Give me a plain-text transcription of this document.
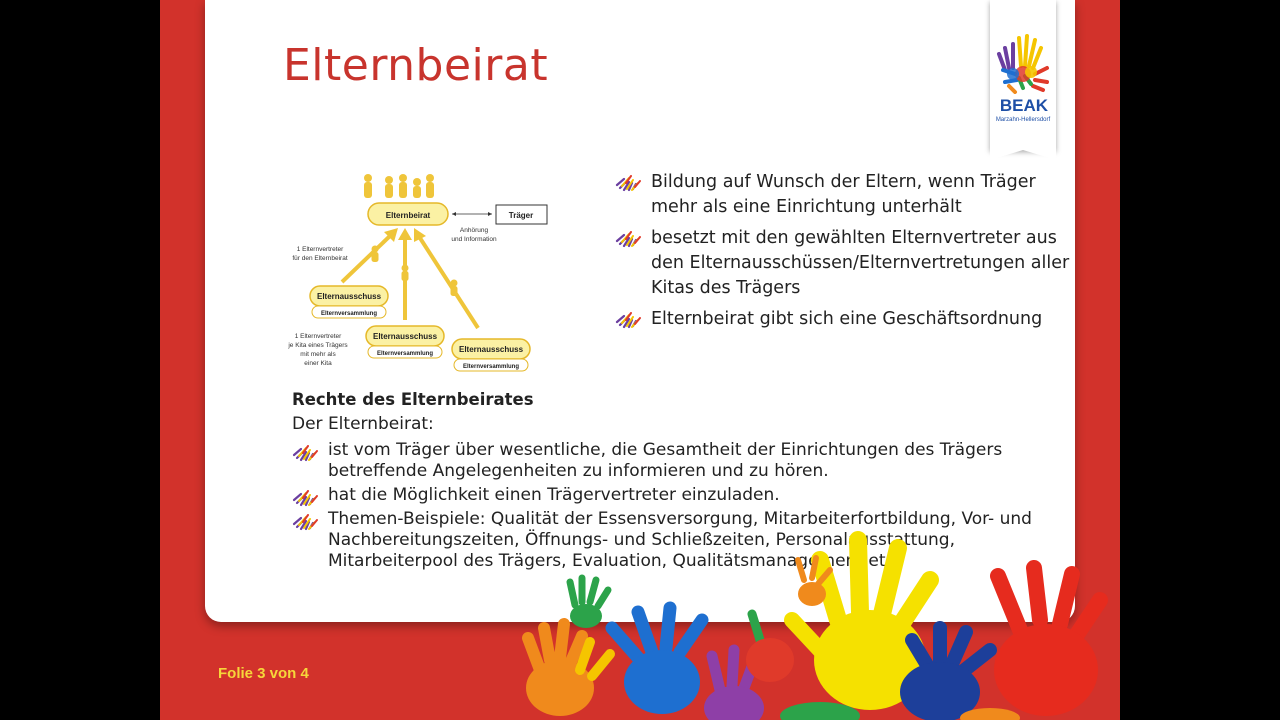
Elternbeirat
Elternbeirat	Träger
Anhörung
und Information
1 Elternvertreter
für den Elternbeirat
Elternausschuss
Elternversammlung
Elternausschuss
Elternversammlung	Elternausschuss
Elternversammlung
1 Elternvertreter
je Kita eines Trägers
mit mehr als
einer Kita
Bildung auf Wunsch der Eltern, wenn Träger mehr als eine Einrichtung unterhält
besetzt mit den gewählten Elternvertreter aus den Elternausschüssen/Elternvertretungen aller Kitas des Trägers
Elternbeirat gibt sich eine Geschäftsordnung
Rechte des Elternbeirates
Der Elternbeirat:
ist vom Träger über wesentliche, die Gesamtheit der Einrichtungen des Trägers betreffende Angelegenheiten zu informieren und zu hören.
hat die Möglichkeit einen Trägervertreter einzuladen.
Themen-Beispiele: Qualität der Essensversorgung, Mitarbeiterfortbildung, Vor- und Nachbereitungszeiten, Öffnungs- und Schließzeiten, Personalausstattung, Mitarbeiterpool des Trägers, Evaluation, Qualitätsmanagement etc.
BEAK
Marzahn-Hellersdorf
Folie 3 von 4
